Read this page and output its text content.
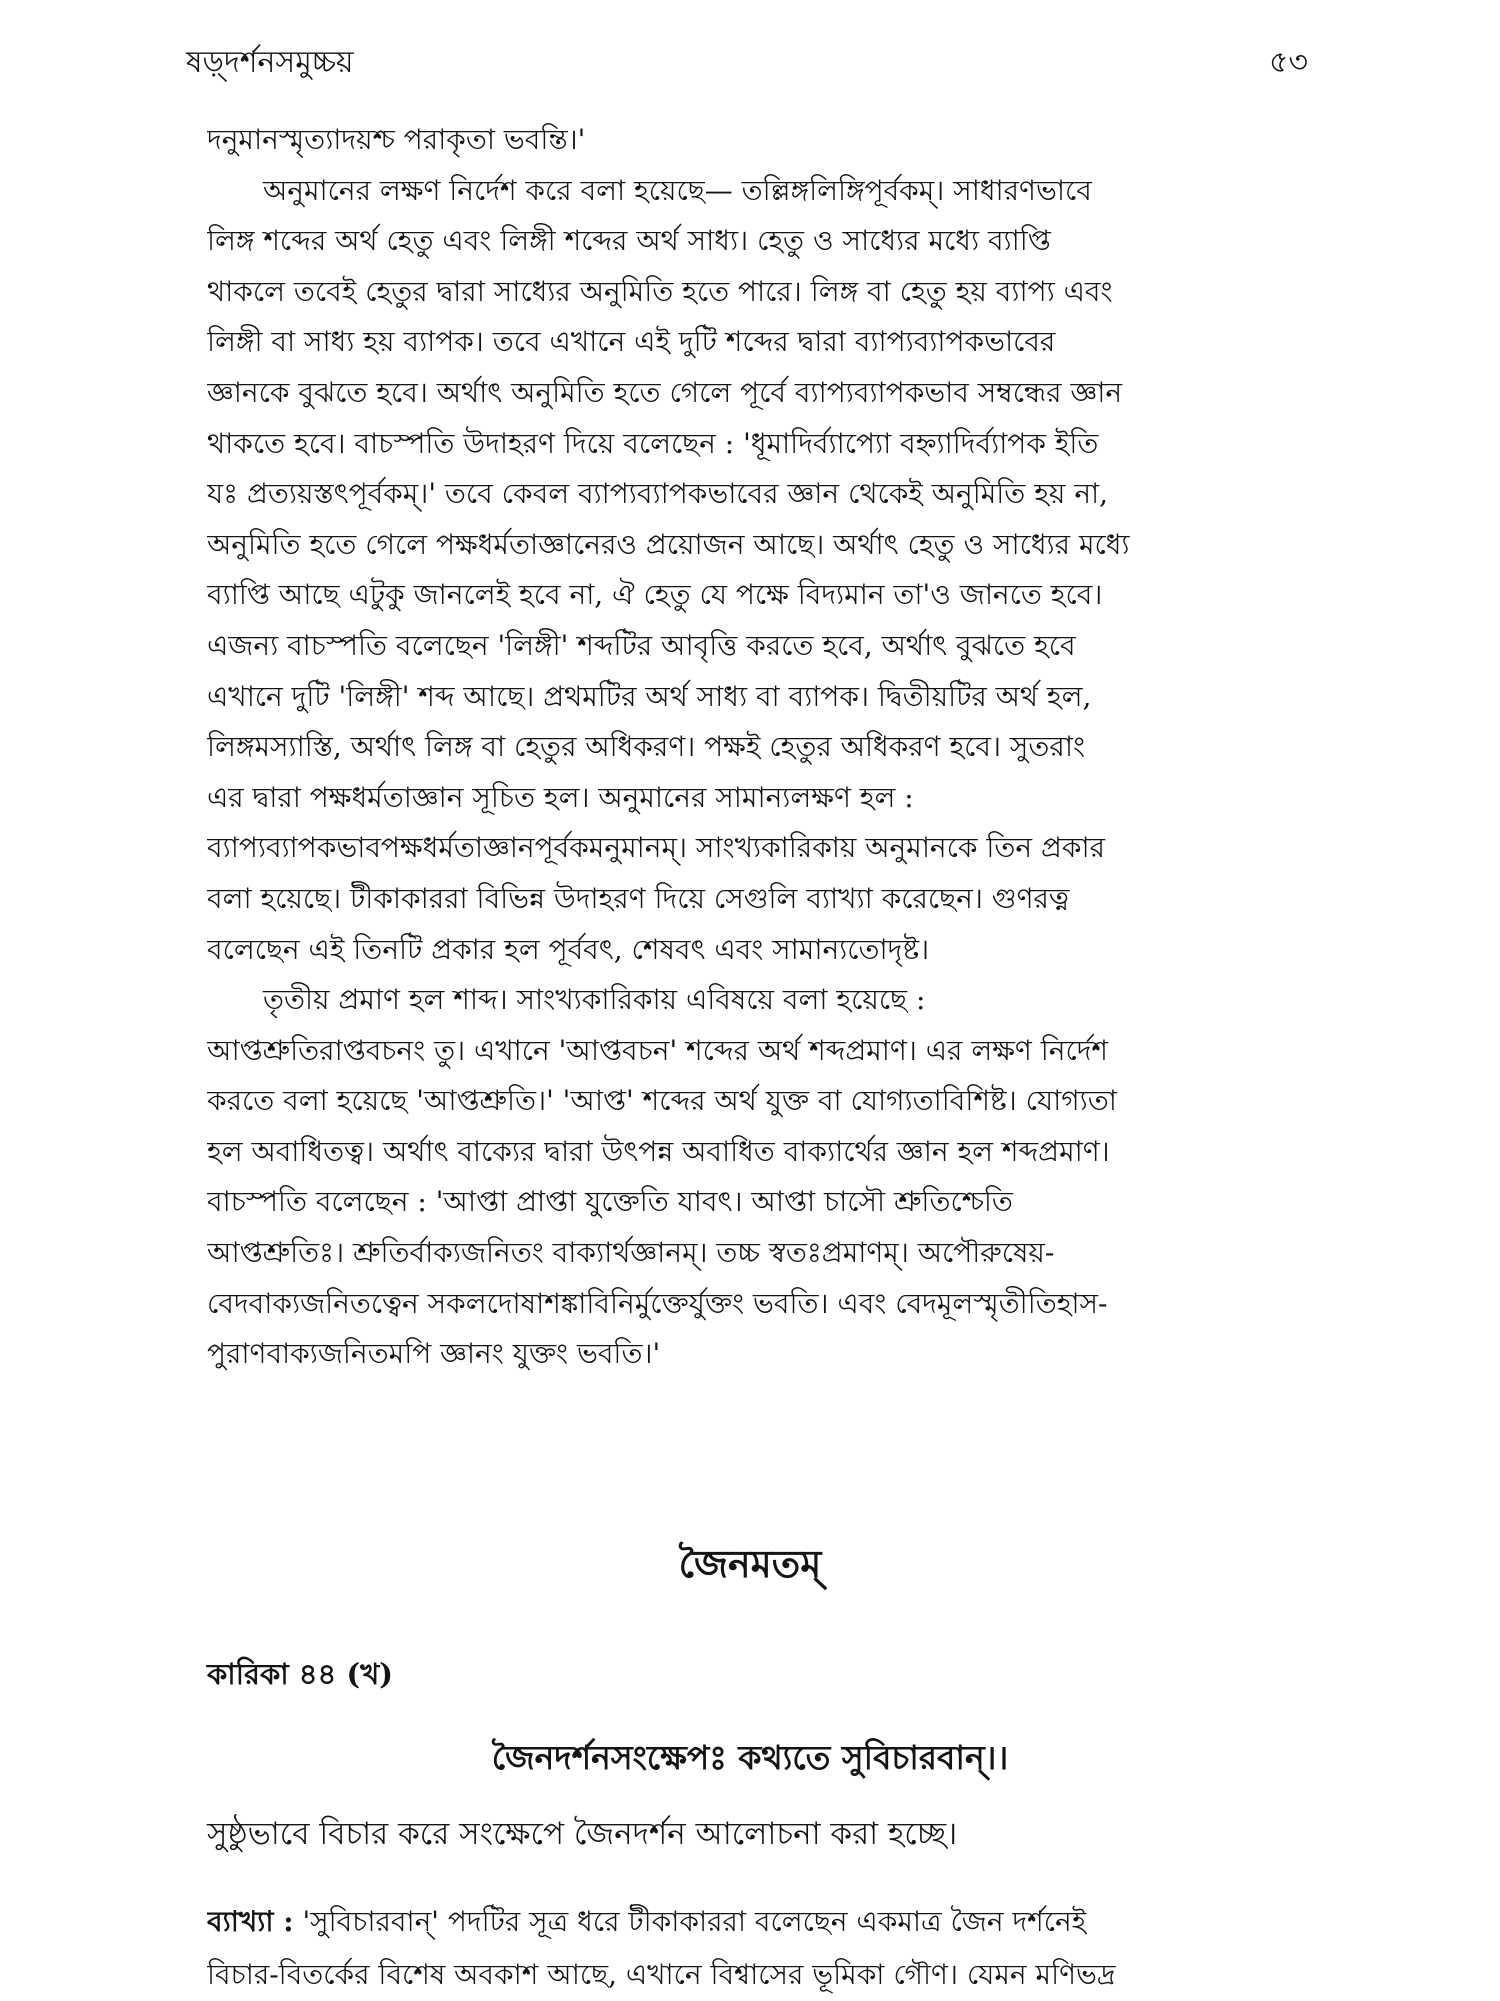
ষড়্দর্শনসমুচ্চয়	৫৩
দনুমানস্মৃত্যাদয়শ্চ পরাকৃতা ভবন্তি।'
অনুমানের লক্ষণ নির্দেশ করে বলা হয়েছে— তল্লিঙ্গলিঙ্গিপূর্বকম্। সাধারণভাবে
লিঙ্গ শব্দের অর্থ হেতু এবং লিঙ্গী শব্দের অর্থ সাধ্য। হেতু ও সাধ্যের মধ্যে ব্যাপ্তি
থাকলে তবেই হেতুর দ্বারা সাধ্যের অনুমিতি হতে পারে। লিঙ্গ বা হেতু হয় ব্যাপ্য এবং
লিঙ্গী বা সাধ্য হয় ব্যাপক। তবে এখানে এই দুটি শব্দের দ্বারা ব্যাপ্যব্যাপকভাবের
জ্ঞানকে বুঝতে হবে। অর্থাৎ অনুমিতি হতে গেলে পূর্বে ব্যাপ্যব্যাপকভাব সম্বন্ধের জ্ঞান
থাকতে হবে। বাচস্পতি উদাহরণ দিয়ে বলেছেন : 'ধূমাদির্ব্যাপ্যো বহ্ন্যাদির্ব্যাপক ইতি
যঃ প্রত্যয়স্তৎপূর্বকম্।' তবে কেবল ব্যাপ্যব্যাপকভাবের জ্ঞান থেকেই অনুমিতি হয় না,
অনুমিতি হতে গেলে পক্ষধর্মতাজ্ঞানেরও প্রয়োজন আছে। অর্থাৎ হেতু ও সাধ্যের মধ্যে
ব্যাপ্তি আছে এটুকু জানলেই হবে না, ঐ হেতু যে পক্ষে বিদ্যমান তা'ও জানতে হবে।
এজন্য বাচস্পতি বলেছেন 'লিঙ্গী' শব্দটির আবৃত্তি করতে হবে, অর্থাৎ বুঝতে হবে
এখানে দুটি 'লিঙ্গী' শব্দ আছে। প্রথমটির অর্থ সাধ্য বা ব্যাপক। দ্বিতীয়টির অর্থ হল,
লিঙ্গমস্যাস্তি, অর্থাৎ লিঙ্গ বা হেতুর অধিকরণ। পক্ষই হেতুর অধিকরণ হবে। সুতরাং
এর দ্বারা পক্ষধর্মতাজ্ঞান সূচিত হল। অনুমানের সামান্যলক্ষণ হল :
ব্যাপ্যব্যাপকভাবপক্ষধর্মতাজ্ঞানপূর্বকমনুমানম্। সাংখ্যকারিকায় অনুমানকে তিন প্রকার
বলা হয়েছে। টীকাকাররা বিভিন্ন উদাহরণ দিয়ে সেগুলি ব্যাখ্যা করেছেন। গুণরত্ন
বলেছেন এই তিনটি প্রকার হল পূর্ববৎ, শেষবৎ এবং সামান্যতোদৃষ্ট।
তৃতীয় প্রমাণ হল শাব্দ। সাংখ্যকারিকায় এবিষয়ে বলা হয়েছে :
আপ্তশ্রুতিরাপ্তবচনং তু। এখানে 'আপ্তবচন' শব্দের অর্থ শব্দপ্রমাণ। এর লক্ষণ নির্দেশ
করতে বলা হয়েছে 'আপ্তশ্রুতি।' 'আপ্ত' শব্দের অর্থ যুক্ত বা যোগ্যতাবিশিষ্ট। যোগ্যতা
হল অবাধিতত্ব। অর্থাৎ বাক্যের দ্বারা উৎপন্ন অবাধিত বাক্যার্থের জ্ঞান হল শব্দপ্রমাণ।
বাচস্পতি বলেছেন : 'আপ্তা প্রাপ্তা যুক্তেতি যাবৎ। আপ্তা চাসৌ শ্রুতিশ্চেতি
আপ্তশ্রুতিঃ। শ্রুতির্বাক্যজনিতং বাক্যার্থজ্ঞানম্। তচ্চ স্বতঃপ্রমাণম্। অপৌরুষেয়-
বেদবাক্যজনিতত্বেন সকলদোষাশঙ্কাবিনির্মুক্তের্যুক্তং ভবতি। এবং বেদমূলস্মৃতীতিহাস-
পুরাণবাক্যজনিতমপি জ্ঞানং যুক্তং ভবতি।'
জৈনমতম্
কারিকা ৪৪ (খ)
জৈনদর্শনসংক্ষেপঃ কথ্যতে সুবিচারবান্।।
সুষ্ঠুভাবে বিচার করে সংক্ষেপে জৈনদর্শন আলোচনা করা হচ্ছে।
ব্যাখ্যা : 'সুবিচারবান্' পদটির সূত্র ধরে টীকাকাররা বলেছেন একমাত্র জৈন দর্শনেই
বিচার-বিতর্কের বিশেষ অবকাশ আছে, এখানে বিশ্বাসের ভূমিকা গৌণ। যেমন মণিভদ্র
